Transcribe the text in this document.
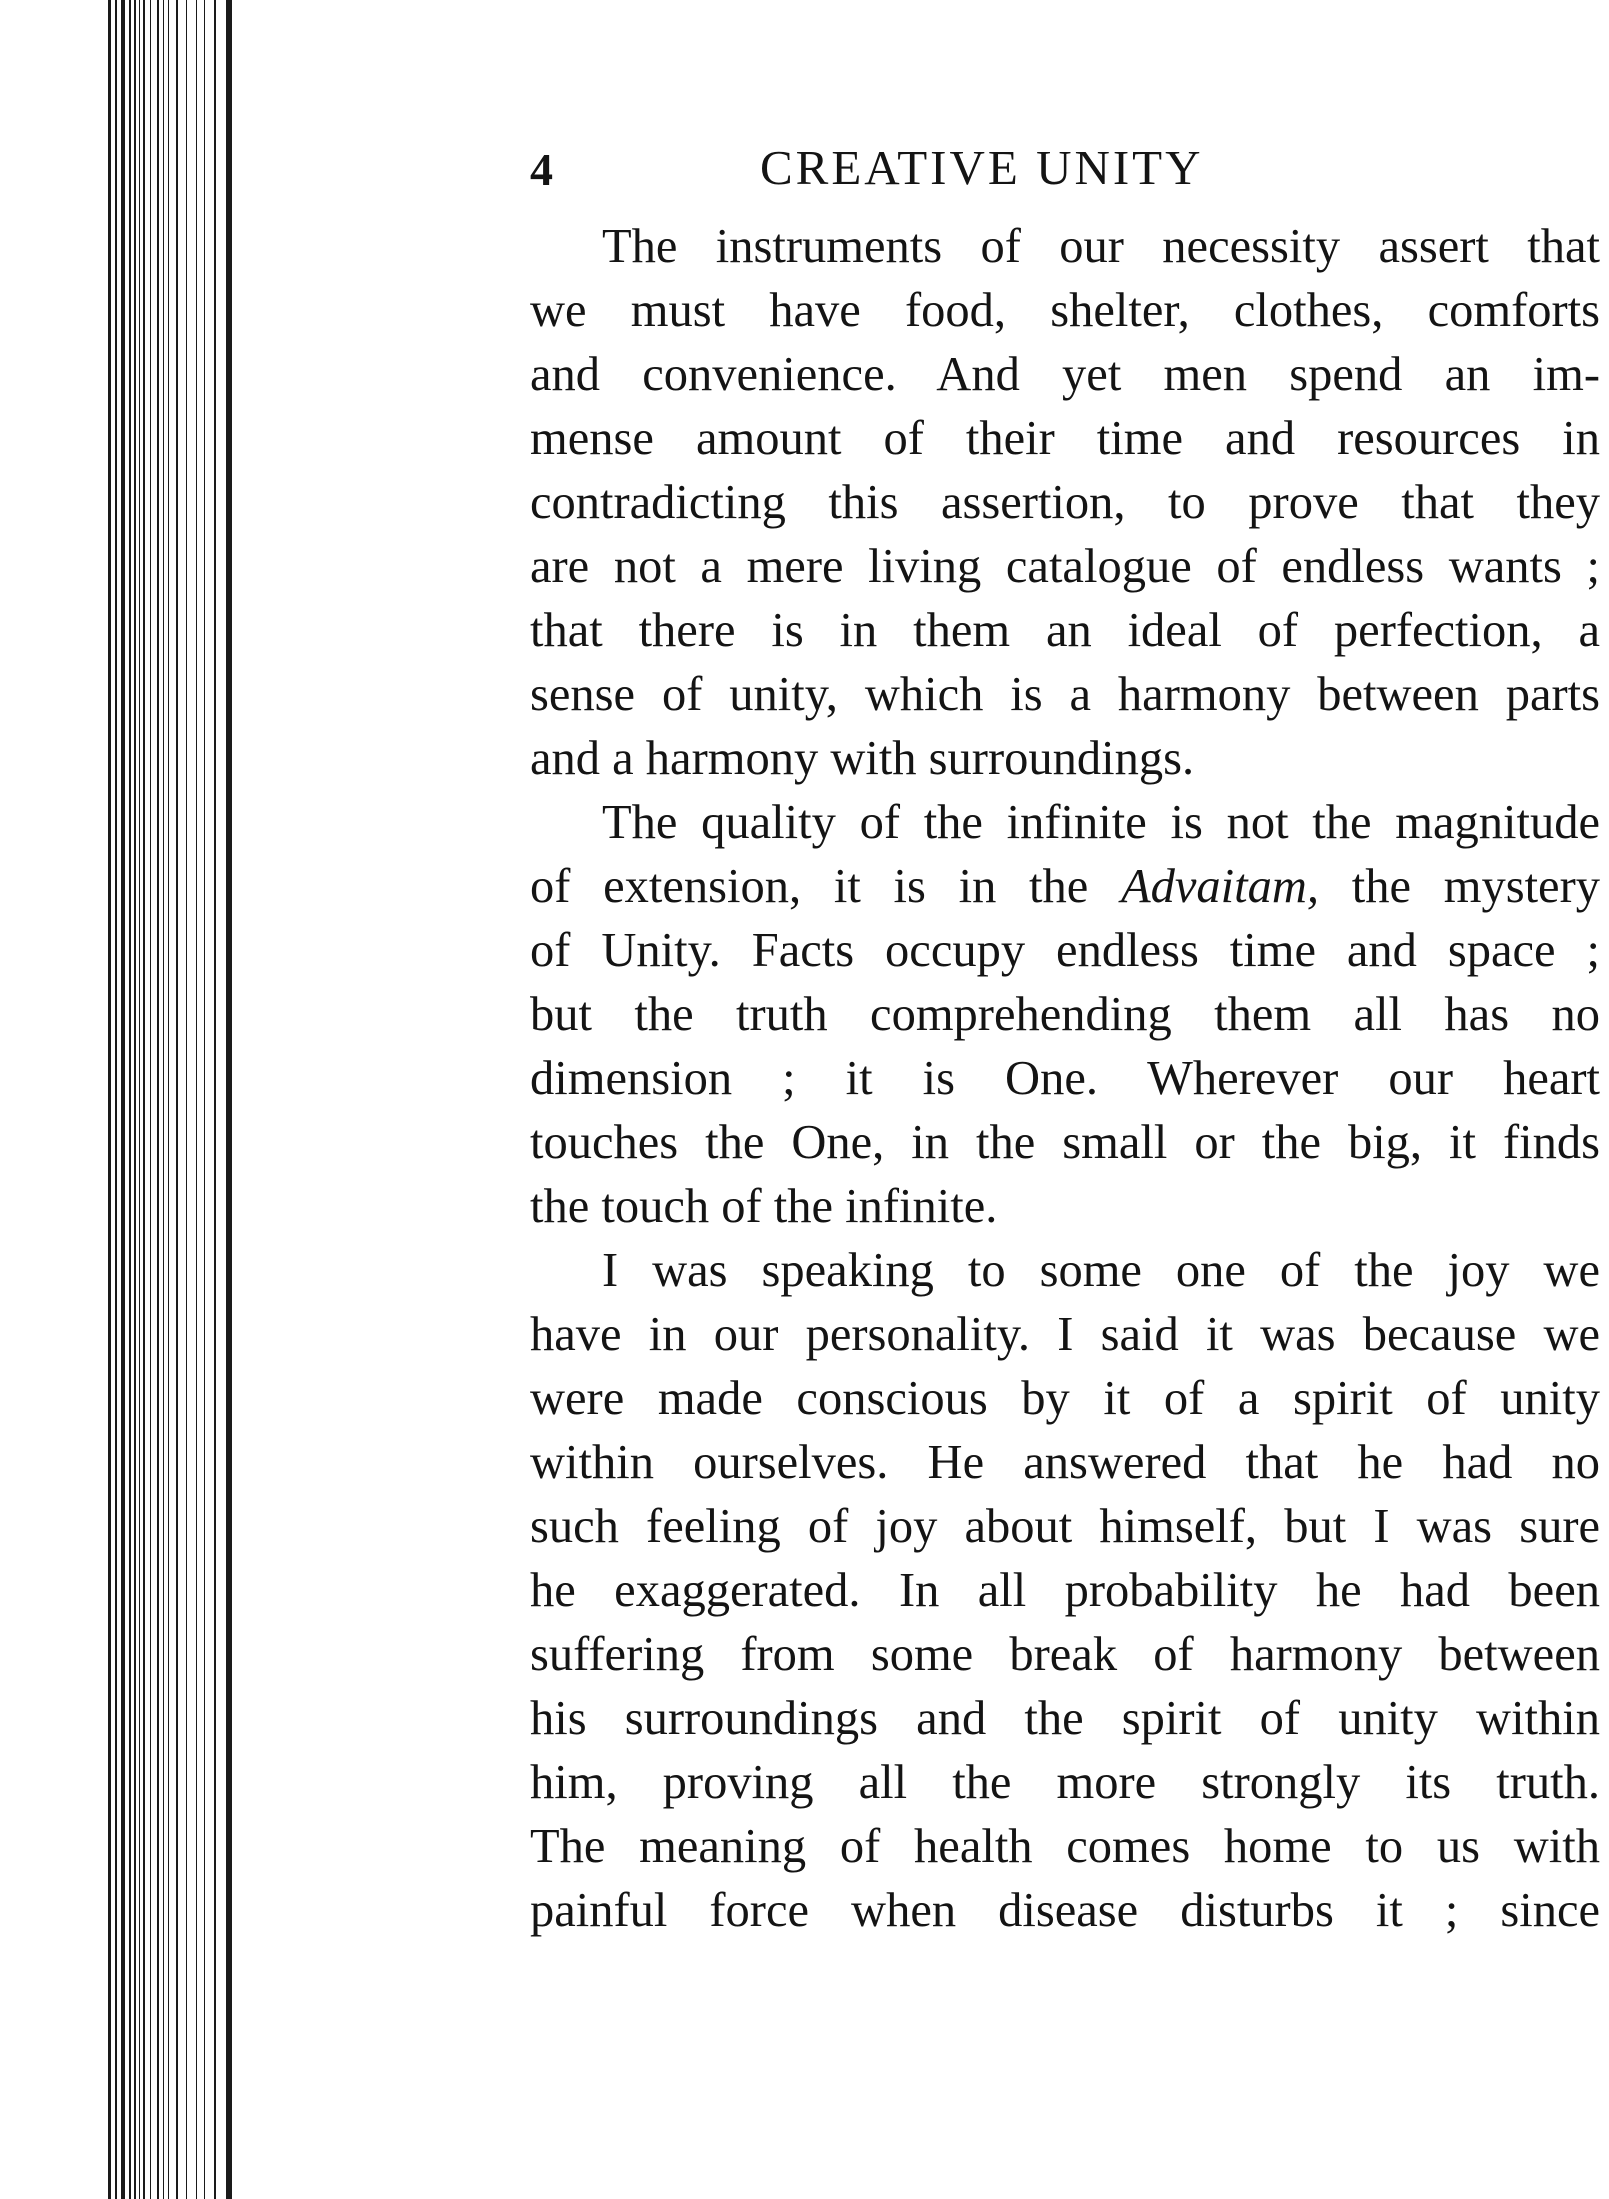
4	CREATIVE UNITY

The instruments of our necessity assert that
we must have food, shelter, clothes, comforts
and convenience. And yet men spend an im-
mense amount of their time and resources in
contradicting this assertion, to prove that they
are not a mere living catalogue of endless wants ;
that there is in them an ideal of perfection, a
sense of unity, which is a harmony between parts
and a harmony with surroundings.

The quality of the infinite is not the magnitude
of extension, it is in the Advaitam, the mystery
of Unity. Facts occupy endless time and space ;
but the truth comprehending them all has no
dimension ; it is One. Wherever our heart
touches the One, in the small or the big, it finds
the touch of the infinite.

I was speaking to some one of the joy we
have in our personality. I said it was because we
were made conscious by it of a spirit of unity
within ourselves. He answered that he had no
such feeling of joy about himself, but I was sure
he exaggerated. In all probability he had been
suffering from some break of harmony between
his surroundings and the spirit of unity within
him, proving all the more strongly its truth.
The meaning of health comes home to us with
painful force when disease disturbs it ; since
